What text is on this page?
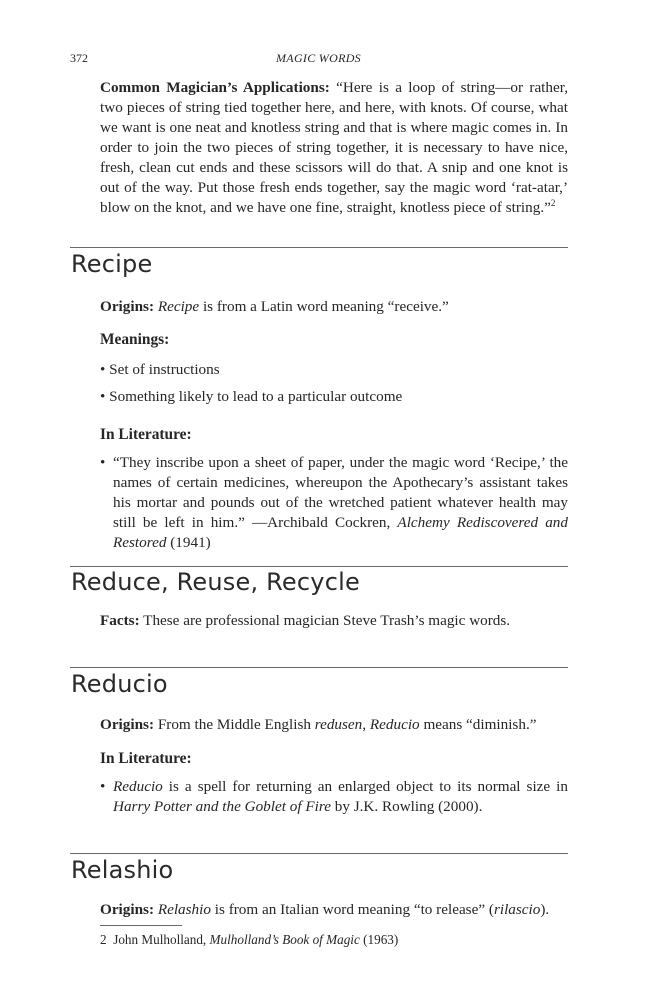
372	MAGIC WORDS

Common Magician’s Applications: “Here is a loop of string—or rather, two pieces of string tied together here, and here, with knots. Of course, what we want is one neat and knotless string and that is where magic comes in. In order to join the two pieces of string together, it is necessary to have nice, fresh, clean cut ends and these scissors will do that. A snip and one knot is out of the way. Put those fresh ends together, say the magic word ‘rat-atar,’ blow on the knot, and we have one fine, straight, knotless piece of string.”$^2$

Recipe

Origins: Recipe is from a Latin word meaning “receive.”

Meanings:

• Set of instructions
• Something likely to lead to a particular outcome

In Literature:

• “They inscribe upon a sheet of paper, under the magic word ‘Recipe,’ the names of certain medicines, whereupon the Apothecary’s assistant takes his mortar and pounds out of the wretched patient whatever health may still be left in him.” —Archibald Cockren, Alchemy Rediscovered and Restored (1941)
Reduce, Reuse, Recycle

Facts: These are professional magician Steve Trash’s magic words.

Reducio

Origins: From the Middle English redusen, Reducio means “diminish.”

In Literature:

• Reducio is a spell for returning an enlarged object to its normal size in Harry Potter and the Goblet of Fire by J.K. Rowling (2000).
Relashio

Origins: Relashio is from an Italian word meaning “to release” (rilascio).

2 John Mulholland, Mulholland’s Book of Magic (1963)
